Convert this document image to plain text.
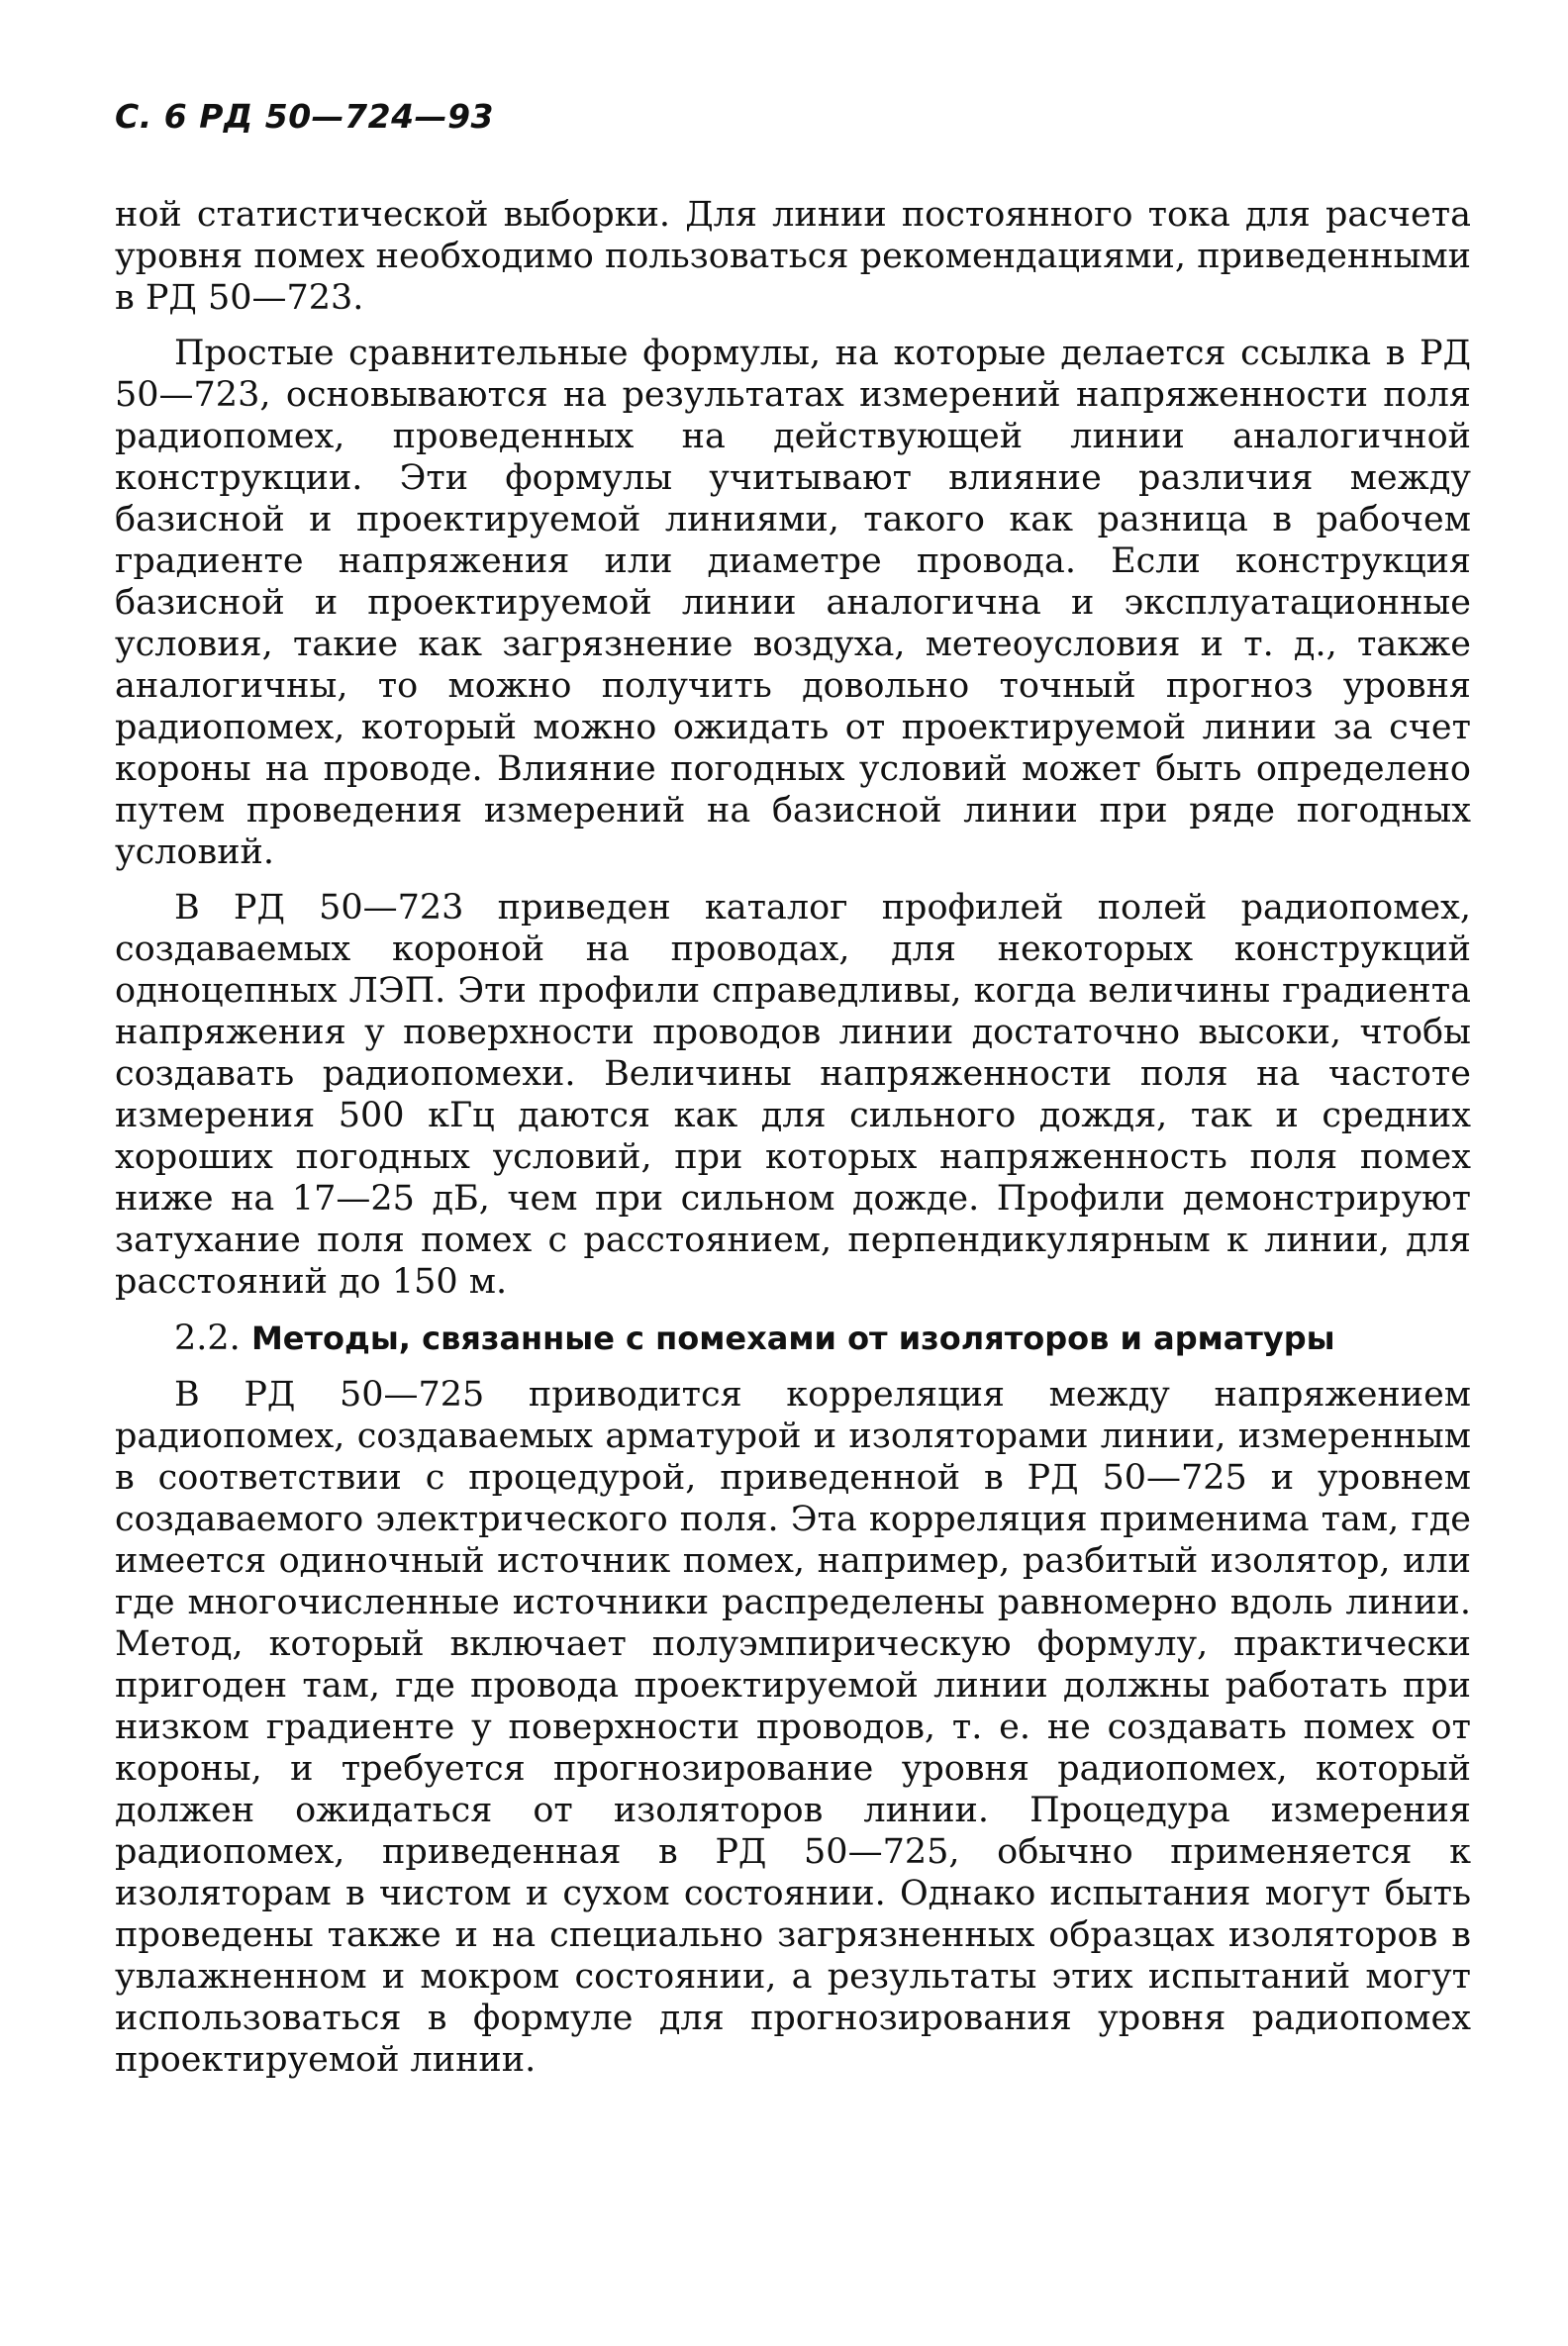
С. 6 РД 50—724—93

ной статистической выборки. Для линии постоянного тока для расчета уровня помех необходимо пользоваться рекомендациями, приведенными в РД 50—723.

Простые сравнительные формулы, на которые делается ссылка в РД 50—723, основываются на результатах измерений напряженности поля радиопомех, проведенных на действующей линии аналогичной конструкции. Эти формулы учитывают влияние различия между базисной и проектируемой линиями, такого как разница в рабочем градиенте напряжения или диаметре провода. Если конструкция базисной и проектируемой линии аналогична и эксплуатационные условия, такие как загрязнение воздуха, метеоусловия и т. д., также аналогичны, то можно получить довольно точный прогноз уровня радиопомех, который можно ожидать от проектируемой линии за счет короны на проводе. Влияние погодных условий может быть определено путем проведения измерений на базисной линии при ряде погодных условий.

В РД 50—723 приведен каталог профилей полей радиопомех, создаваемых короной на проводах, для некоторых конструкций одноцепных ЛЭП. Эти профили справедливы, когда величины градиента напряжения у поверхности проводов линии достаточно высоки, чтобы создавать радиопомехи. Величины напряженности поля на частоте измерения 500 кГц даются как для сильного дождя, так и средних хороших погодных условий, при которых напряженность поля помех ниже на 17—25 дБ, чем при сильном дожде. Профили демонстрируют затухание поля помех с расстоянием, перпендикулярным к линии, для расстояний до 150 м.

2.2. Методы, связанные с помехами от изоляторов и арматуры

В РД 50—725 приводится корреляция между напряжением радиопомех, создаваемых арматурой и изоляторами линии, измеренным в соответствии с процедурой, приведенной в РД 50—725 и уровнем создаваемого электрического поля. Эта корреляция применима там, где имеется одиночный источник помех, например, разбитый изолятор, или где многочисленные источники распределены равномерно вдоль линии. Метод, который включает полуэмпирическую формулу, практически пригоден там, где провода проектируемой линии должны работать при низком градиенте у поверхности проводов, т. е. не создавать помех от короны, и требуется прогнозирование уровня радиопомех, который должен ожидаться от изоляторов линии. Процедура измерения радиопомех, приведенная в РД 50—725, обычно применяется к изоляторам в чистом и сухом состоянии. Однако испытания могут быть проведены также и на специально загрязненных образцах изоляторов в увлажненном и мокром состоянии, а результаты этих испытаний могут использоваться в формуле для прогнозирования уровня радиопомех проектируемой линии.
